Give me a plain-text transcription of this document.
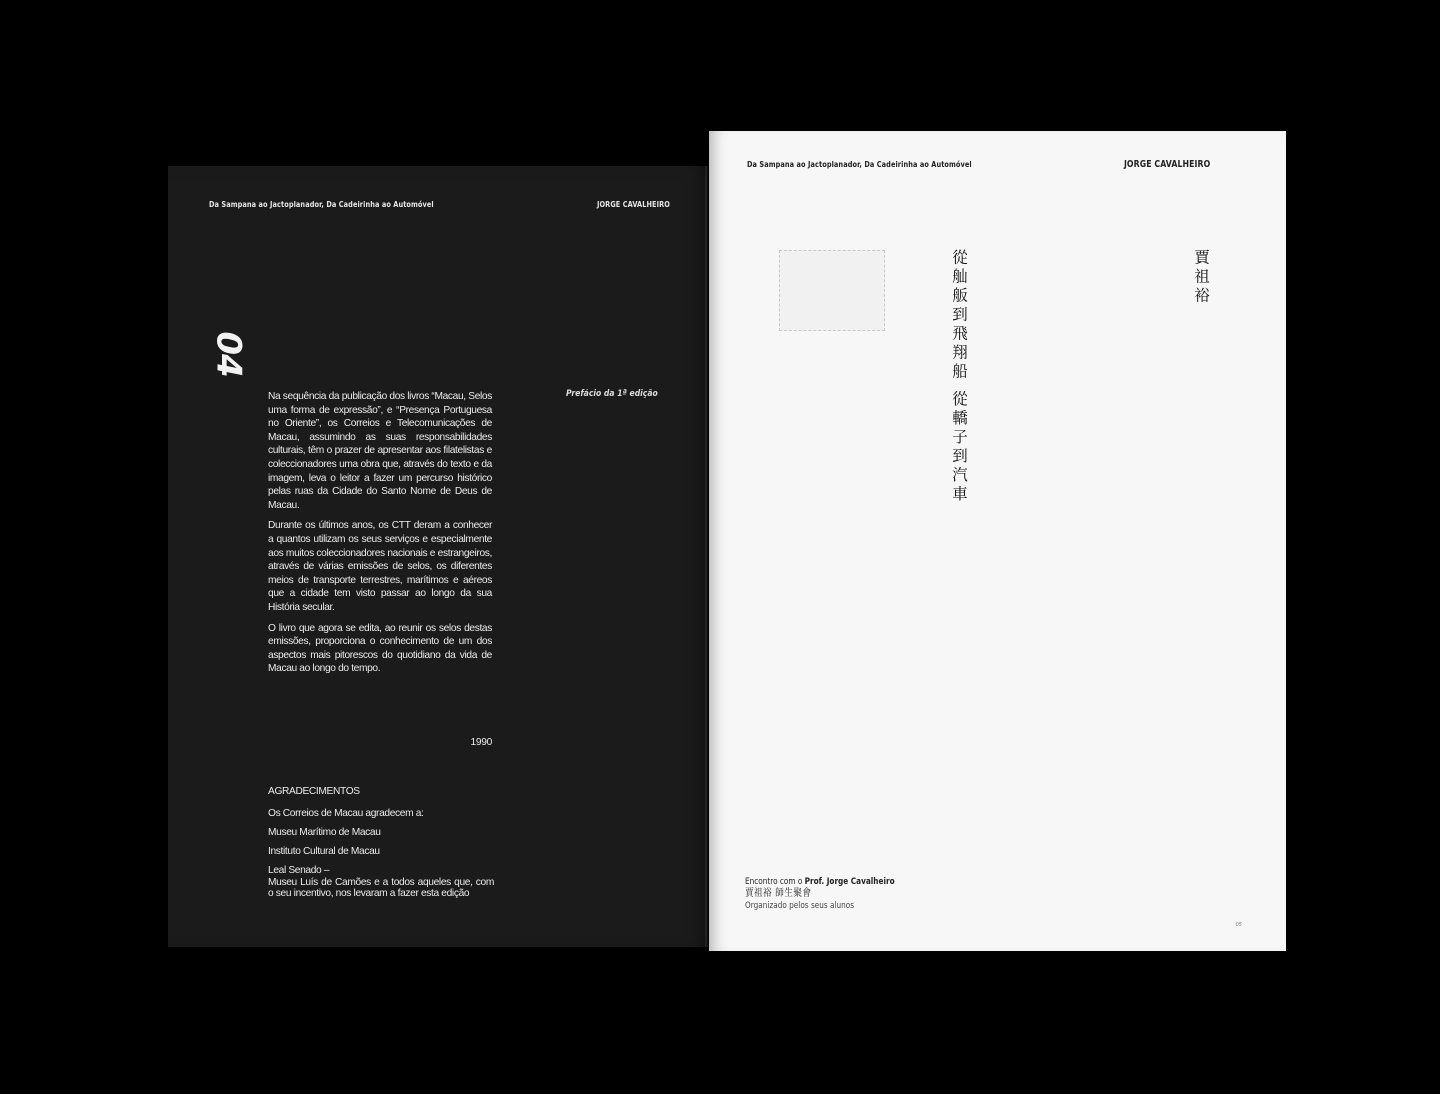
Da Sampana ao Jactoplanador, Da Cadeirinha ao Automóvel	JORGE CAVALHEIRO
04
Prefácio da 1ª edição

Na sequência da publicação dos livros “Macau, Selos uma forma de expressão”, e “Presença Portuguesa no Oriente”, os Correios e Telecomunicações de Macau, assumindo as suas responsabilidades culturais, têm o prazer de apresentar aos filatelistas e coleccionadores uma obra que, através do texto e da imagem, leva o leitor a fazer um percurso histórico pelas ruas da Cidade do Santo Nome de Deus de Macau.

Durante os últimos anos, os CTT deram a conhecer a quantos utilizam os seus serviços e especialmente aos muitos coleccionadores nacionais e estrangeiros, através de várias emissões de selos, os diferentes meios de transporte terrestres, marítimos e aéreos que a cidade tem visto passar ao longo da sua História secular.

O livro que agora se edita, ao reunir os selos destas emissões, proporciona o conhecimento de um dos aspectos mais pitorescos do quotidiano da vida de Macau ao longo do tempo.

1990
AGRADECIMENTOS
Os Correios de Macau agradecem a:
Museu Marítimo de Macau
Instituto Cultural de Macau
Leal Senado –
Museu Luís de Camões e a todos aqueles que, com o seu incentivo, nos levaram a fazer esta edição
Da Sampana ao Jactoplanador, Da Cadeirinha ao Automóvel	JORGE CAVALHEIRO
從舢舨到飛翔船 從轎子到汽車
賈祖裕
Encontro com o Prof. Jorge Cavalheiro
賈祖裕 師生聚會
Organizado pelos seus alunos
05
